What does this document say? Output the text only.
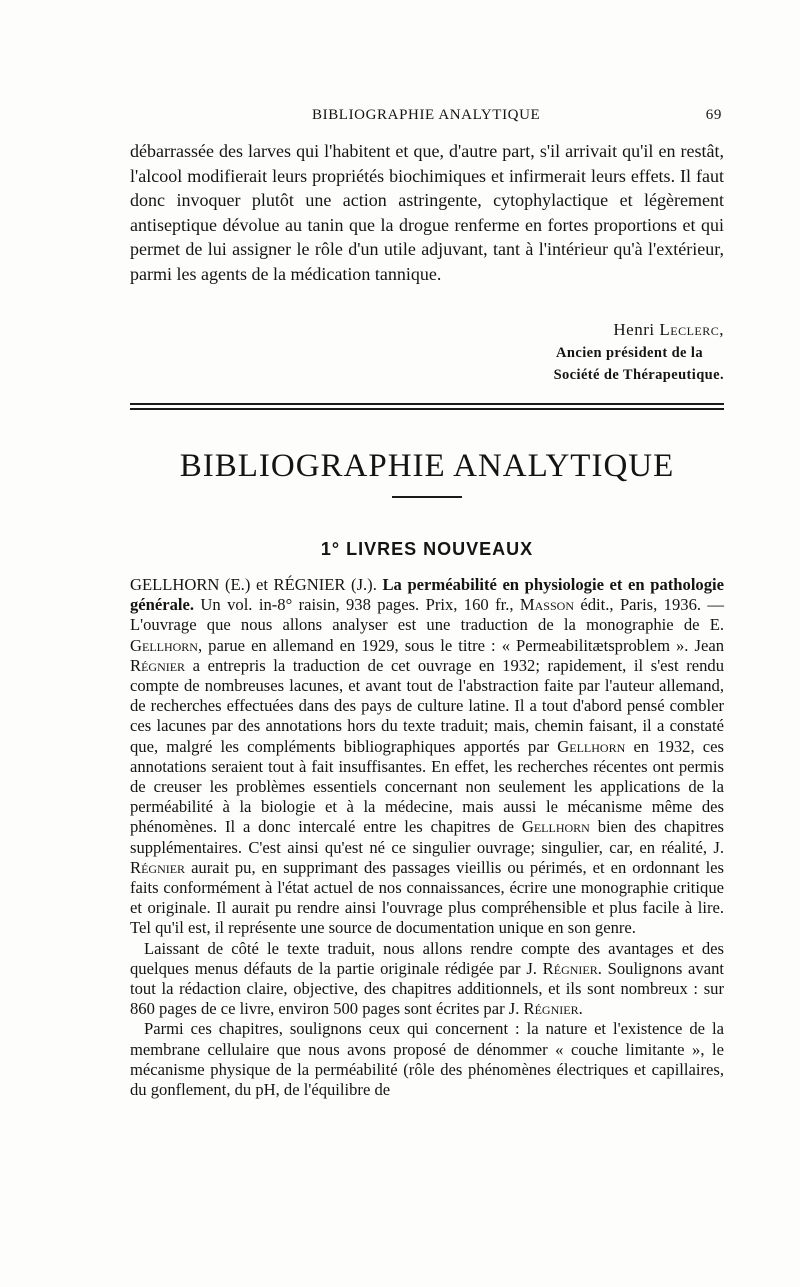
BIBLIOGRAPHIE ANALYTIQUE	69
débarrassée des larves qui l'habitent et que, d'autre part, s'il arrivait qu'il en restât, l'alcool modifierait leurs propriétés biochimiques et infirmerait leurs effets. Il faut donc invoquer plutôt une action astringente, cytophylactique et légèrement antiseptique dévolue au tanin que la drogue renferme en fortes proportions et qui permet de lui assigner le rôle d'un utile adjuvant, tant à l'intérieur qu'à l'extérieur, parmi les agents de la médication tannique.
Henri Leclerc,
Ancien président de la
Société de Thérapeutique.
BIBLIOGRAPHIE ANALYTIQUE
1° LIVRES NOUVEAUX

GELLHORN (E.) et RÉGNIER (J.). La perméabilité en physiologie et en pathologie générale. Un vol. in-8° raisin, 938 pages. Prix, 160 fr., Masson édit., Paris, 1936. — L'ouvrage que nous allons analyser est une traduction de la monographie de E. Gellhorn, parue en allemand en 1929, sous le titre : « Permeabilitætsproblem ». Jean Régnier a entrepris la traduction de cet ouvrage en 1932; rapidement, il s'est rendu compte de nombreuses lacunes, et avant tout de l'abstraction faite par l'auteur allemand, de recherches effectuées dans des pays de culture latine. Il a tout d'abord pensé combler ces lacunes par des annotations hors du texte traduit; mais, chemin faisant, il a constaté que, malgré les compléments bibliographiques apportés par Gellhorn en 1932, ces annotations seraient tout à fait insuffisantes. En effet, les recherches récentes ont permis de creuser les problèmes essentiels concernant non seulement les applications de la perméabilité à la biologie et à la médecine, mais aussi le mécanisme même des phénomènes. Il a donc intercalé entre les chapitres de Gellhorn bien des chapitres supplémentaires. C'est ainsi qu'est né ce singulier ouvrage; singulier, car, en réalité, J. Régnier aurait pu, en supprimant des passages vieillis ou périmés, et en ordonnant les faits conformément à l'état actuel de nos connaissances, écrire une monographie critique et originale. Il aurait pu rendre ainsi l'ouvrage plus compréhensible et plus facile à lire. Tel qu'il est, il représente une source de documentation unique en son genre.

Laissant de côté le texte traduit, nous allons rendre compte des avantages et des quelques menus défauts de la partie originale rédigée par J. Régnier. Soulignons avant tout la rédaction claire, objective, des chapitres additionnels, et ils sont nombreux : sur 860 pages de ce livre, environ 500 pages sont écrites par J. Régnier.

Parmi ces chapitres, soulignons ceux qui concernent : la nature et l'existence de la membrane cellulaire que nous avons proposé de dénommer « couche limitante », le mécanisme physique de la perméabilité (rôle des phénomènes électriques et capillaires, du gonflement, du pH, de l'équilibre de
